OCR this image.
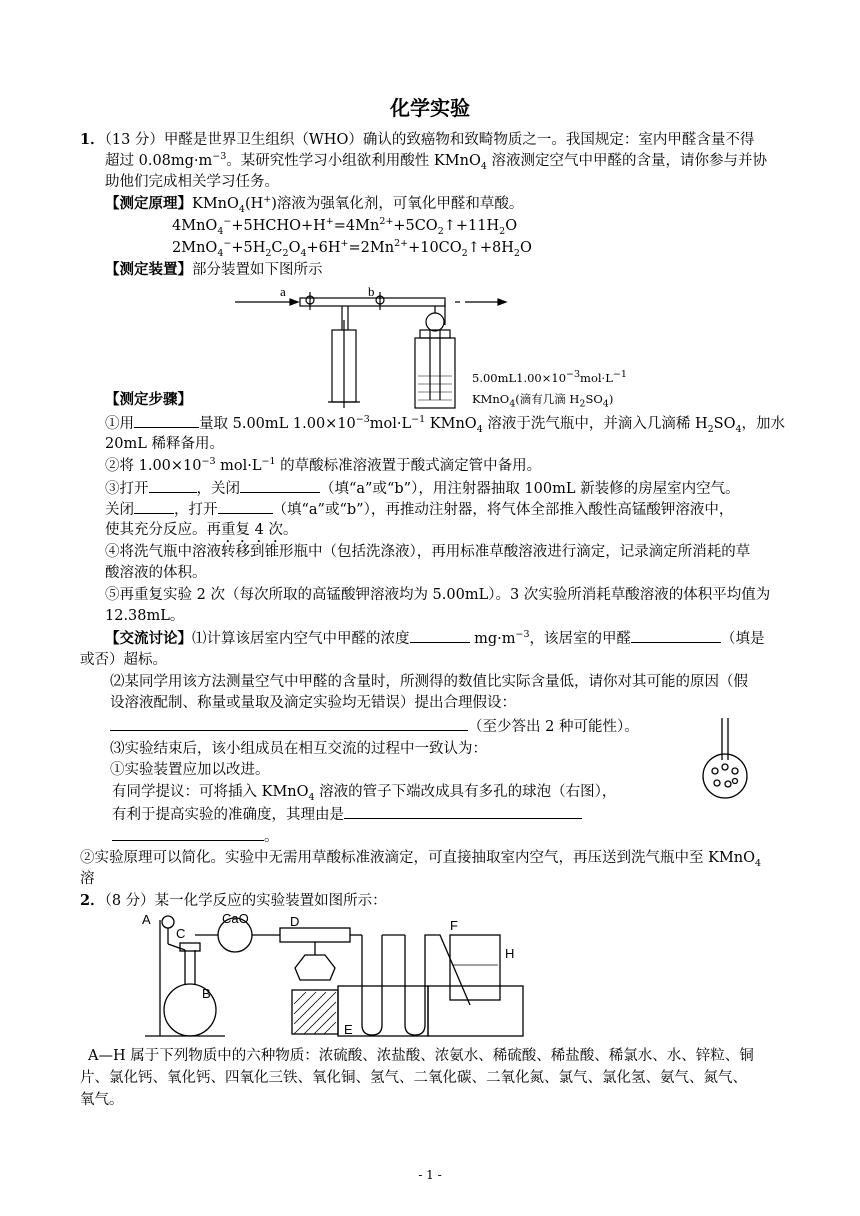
化学实验
1．（13 分）甲醛是世界卫生组织（WHO）确认的致癌物和致畸物质之一。我国规定：室内甲醛含量不得
超过 $0.08mg\cdot m^{-3}$。某研究性学习小组欲利用酸性 KMnO$_4$ 溶液测定空气中甲醛的含量，请你参与并协
助他们完成相关学习任务。
【测定原理】KMnO$_4$(H+)溶液为强氧化剂，可氧化甲醛和草酸。
$4MnO_4^-+5HCHO+H^+=4Mn^{2+}+5CO_2↑+11H_2O$
$2MnO_4^-+5H_2C_2O_4+6H^+=2Mn^{2+}+10CO_2↑+8H_2O$
【测定装置】部分装置如下图所示
a	b
$5.00mL1.00\times 10^{-3}mol\cdot L^{-1}$
KMnO$_4$(滴有几滴 $H_2SO_4$)
【测定步骤】
①用	量取 5.00mL $1.00\times 10^{-3}mol\cdot L^{-1}$ KMnO$_4$ 溶液于洗气瓶中，并滴入几滴稀 $H_2SO_4$，加水
20mL 稀释备用。
②将 $1.00\times 10^{-3}$ $mol\cdot L^{-1}$ 的草酸标准溶液置于酸式滴定管中备用。
③打开	，关闭	（填“a”或“b”），用注射器抽取 100mL 新装修的房屋室内空气。
关闭	，打开	（填“a”或“b”），再推动注射器，将气体全部推入酸性高锰酸钾溶液中，
使其充分反应。再重复 4 次。
④将洗气瓶中溶液转移到锥形瓶中（包括洗涤液），再用标准草酸溶液进行滴定，记录滴定所消耗的草
酸溶液的体积。
⑤再重复实验 2 次（每次所取的高锰酸钾溶液均为 5.00mL）。3 次实验所消耗草酸溶液的体积平均值为
12.38mL。
【交流讨论】⑴计算该居室内空气中甲醛的浓度	$mg\cdot m^{-3}$，该居室的甲醛	（填是
或否）超标。
⑵某同学用该方法测量空气中甲醛的含量时，所测得的数值比实际含量低，请你对其可能的原因（假
设溶液配制、称量或量取及滴定实验均无错误）提出合理假设：
（至少答出 2 种可能性）。
⑶实验结束后，该小组成员在相互交流的过程中一致认为：
①实验装置应加以改进。
有同学提议：可将插入 KMnO$_4$ 溶液的管子下端改成具有多孔的球泡（右图），
有利于提高实验的准确度，其理由是
。
②实验原理可以简化。实验中无需用草酸标准液滴定，可直接抽取室内空气，再压送到洗气瓶中至 KMnO$_4$
溶
2．（8 分）某一化学反应的实验装置如图所示：
A
B
C
D
E
F
H
CaO
A—H 属于下列物质中的六种物质：浓硫酸、浓盐酸、浓氨水、稀硫酸、稀盐酸、稀氯水、水、锌粒、铜
片、氯化钙、氧化钙、四氧化三铁、氧化铜、氢气、二氧化碳、二氧化氮、氯气、氯化氢、氨气、氮气、
氧气。
- 1 -
